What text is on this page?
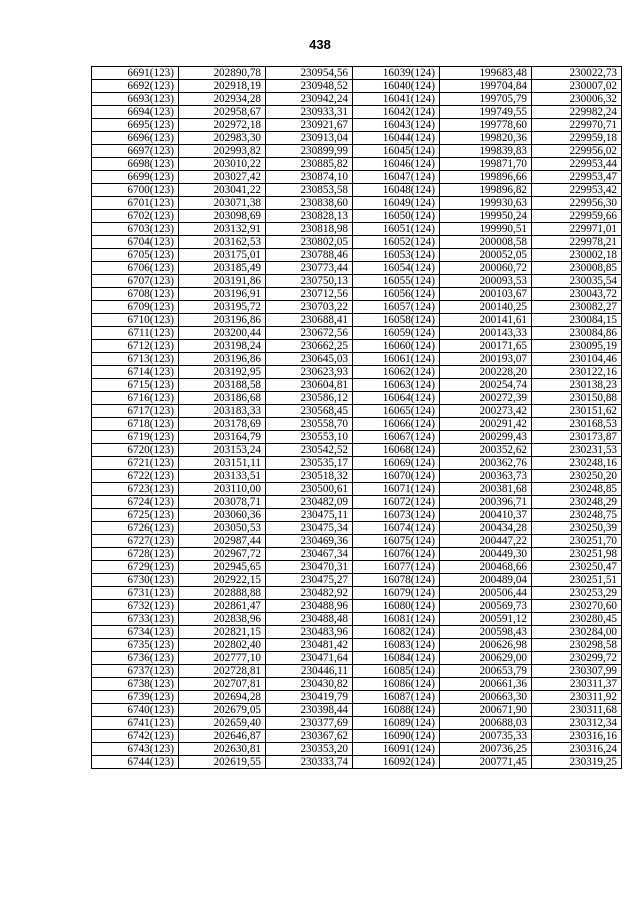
438
6691(123)	202890,78	230954,56	16039(124)	199683,48	230022,73
6692(123)	202918,19	230948,52	16040(124)	199704,84	230007,02
6693(123)	202934,28	230942,24	16041(124)	199705,79	230006,32
6694(123)	202958,67	230933,31	16042(124)	199749,55	229982,24
6695(123)	202972,18	230921,67	16043(124)	199778,60	229970,71
6696(123)	202983,30	230913,04	16044(124)	199820,36	229959,18
6697(123)	202993,82	230899,99	16045(124)	199839,83	229956,02
6698(123)	203010,22	230885,82	16046(124)	199871,70	229953,44
6699(123)	203027,42	230874,10	16047(124)	199896,66	229953,47
6700(123)	203041,22	230853,58	16048(124)	199896,82	229953,42
6701(123)	203071,38	230838,60	16049(124)	199930,63	229956,30
6702(123)	203098,69	230828,13	16050(124)	199950,24	229959,66
6703(123)	203132,91	230818,98	16051(124)	199990,51	229971,01
6704(123)	203162,53	230802,05	16052(124)	200008,58	229978,21
6705(123)	203175,01	230788,46	16053(124)	200052,05	230002,18
6706(123)	203185,49	230773,44	16054(124)	200060,72	230008,85
6707(123)	203191,86	230750,13	16055(124)	200093,53	230035,54
6708(123)	203196,91	230712,56	16056(124)	200103,67	230043,72
6709(123)	203195,72	230703,22	16057(124)	200140,25	230082,27
6710(123)	203196,86	230688,41	16058(124)	200141,61	230084,15
6711(123)	203200,44	230672,56	16059(124)	200143,33	230084,86
6712(123)	203198,24	230662,25	16060(124)	200171,65	230095,19
6713(123)	203196,86	230645,03	16061(124)	200193,07	230104,46
6714(123)	203192,95	230623,93	16062(124)	200228,20	230122,16
6715(123)	203188,58	230604,81	16063(124)	200254,74	230138,23
6716(123)	203186,68	230586,12	16064(124)	200272,39	230150,88
6717(123)	203183,33	230568,45	16065(124)	200273,42	230151,62
6718(123)	203178,69	230558,70	16066(124)	200291,42	230168,53
6719(123)	203164,79	230553,10	16067(124)	200299,43	230173,87
6720(123)	203153,24	230542,52	16068(124)	200352,62	230231,53
6721(123)	203151,11	230535,17	16069(124)	200362,76	230248,16
6722(123)	203133,51	230518,32	16070(124)	200363,73	230250,20
6723(123)	203110,00	230500,61	16071(124)	200381,68	230248,85
6724(123)	203078,71	230482,09	16072(124)	200396,71	230248,29
6725(123)	203060,36	230475,11	16073(124)	200410,37	230248,75
6726(123)	203050,53	230475,34	16074(124)	200434,28	230250,39
6727(123)	202987,44	230469,36	16075(124)	200447,22	230251,70
6728(123)	202967,72	230467,34	16076(124)	200449,30	230251,98
6729(123)	202945,65	230470,31	16077(124)	200468,66	230250,47
6730(123)	202922,15	230475,27	16078(124)	200489,04	230251,51
6731(123)	202888,88	230482,92	16079(124)	200506,44	230253,29
6732(123)	202861,47	230488,96	16080(124)	200569,73	230270,60
6733(123)	202838,96	230488,48	16081(124)	200591,12	230280,45
6734(123)	202821,15	230483,96	16082(124)	200598,43	230284,00
6735(123)	202802,40	230481,42	16083(124)	200626,98	230298,58
6736(123)	202777,10	230471,64	16084(124)	200629,00	230299,72
6737(123)	202728,81	230446,11	16085(124)	200653,79	230307,99
6738(123)	202707,81	230430,82	16086(124)	200661,36	230311,37
6739(123)	202694,28	230419,79	16087(124)	200663,30	230311,92
6740(123)	202679,05	230398,44	16088(124)	200671,90	230311,68
6741(123)	202659,40	230377,69	16089(124)	200688,03	230312,34
6742(123)	202646,87	230367,62	16090(124)	200735,33	230316,16
6743(123)	202630,81	230353,20	16091(124)	200736,25	230316,24
6744(123)	202619,55	230333,74	16092(124)	200771,45	230319,25
